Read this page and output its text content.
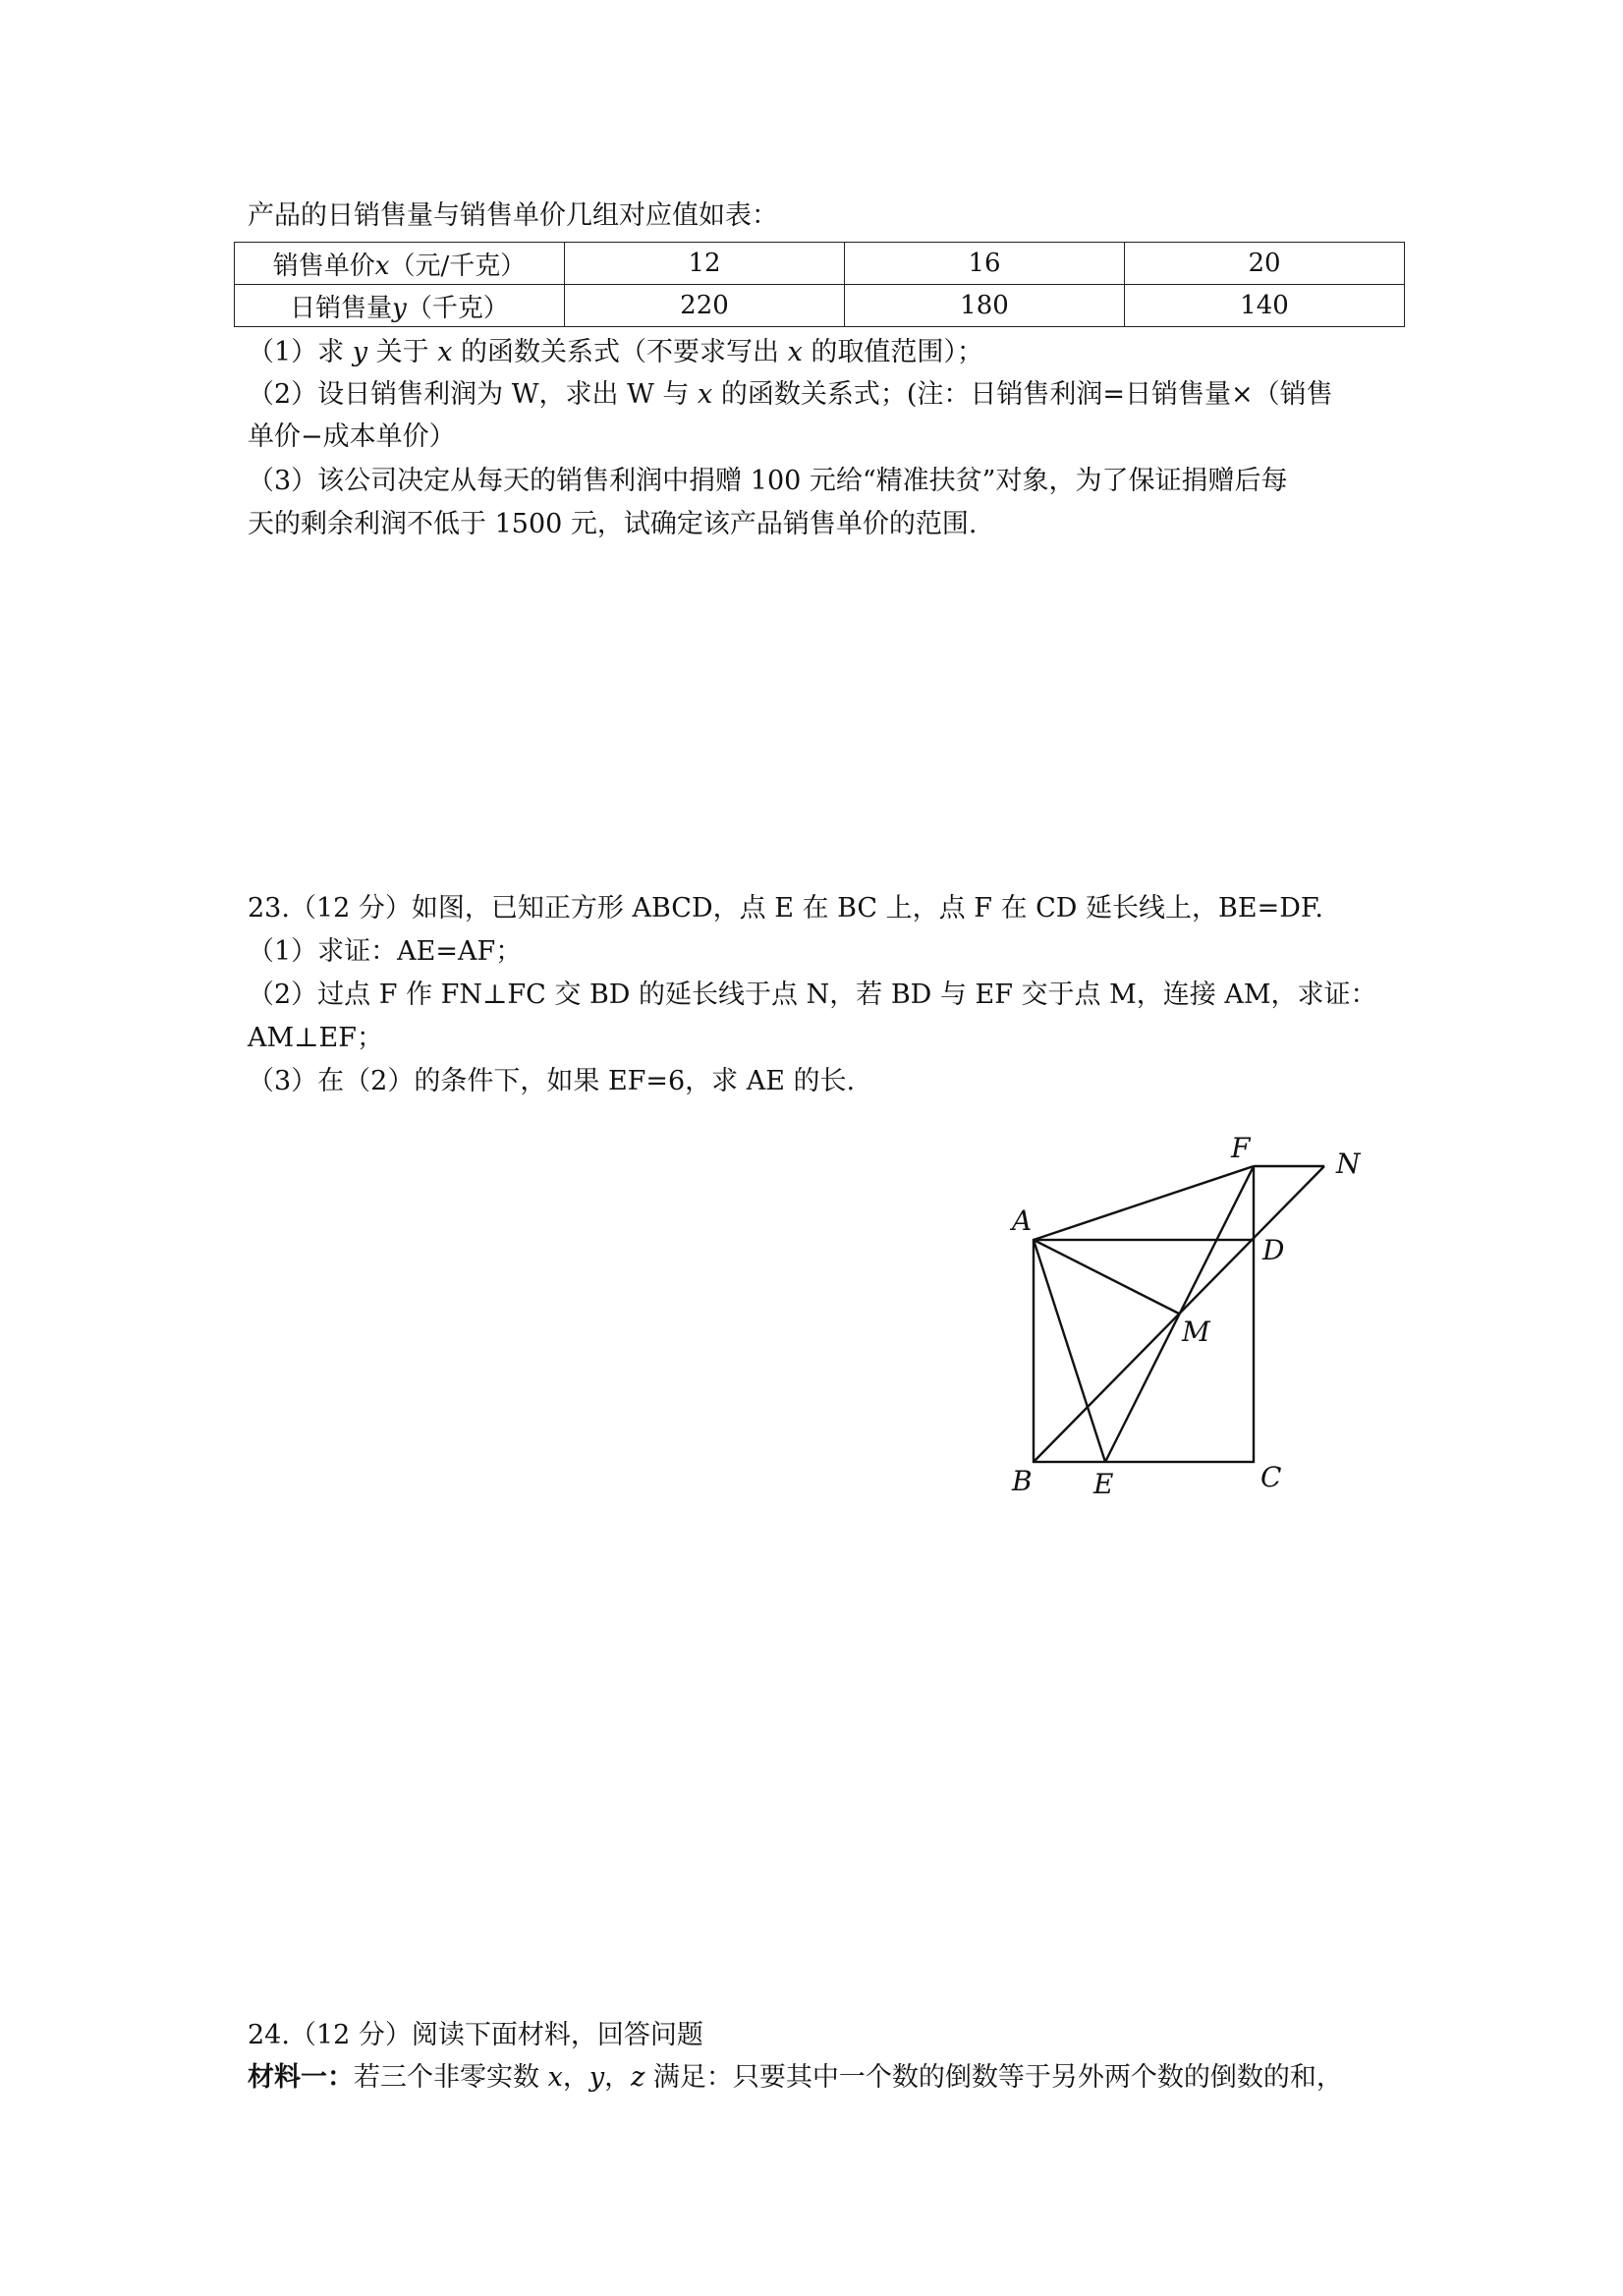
产品的日销售量与销售单价几组对应值如表：
销售单价x（元/千克）	12	16	20
日销售量y（千克）	220	180	140
（1）求 y 关于 x 的函数关系式（不要求写出 x 的取值范围）；
（2）设日销售利润为 W，求出 W 与 x 的函数关系式；(注：日销售利润=日销售量×（销售
单价−成本单价）
（3）该公司决定从每天的销售利润中捐赠 100 元给“精准扶贫”对象，为了保证捐赠后每
天的剩余利润不低于 1500 元，试确定该产品销售单价的范围.
23.（12 分）如图，已知正方形 ABCD，点 E 在 BC 上，点 F 在 CD 延长线上，BE=DF.
（1）求证：AE=AF；
（2）过点 F 作 FN⊥FC 交 BD 的延长线于点 N，若 BD 与 EF 交于点 M，连接 AM，求证：
AM⊥EF；
（3）在（2）的条件下，如果 EF=6，求 AE 的长.
A
B	C
D
E
F
M
N
24.（12 分）阅读下面材料，回答问题
材料一：若三个非零实数 x，y，z 满足：只要其中一个数的倒数等于另外两个数的倒数的和，
